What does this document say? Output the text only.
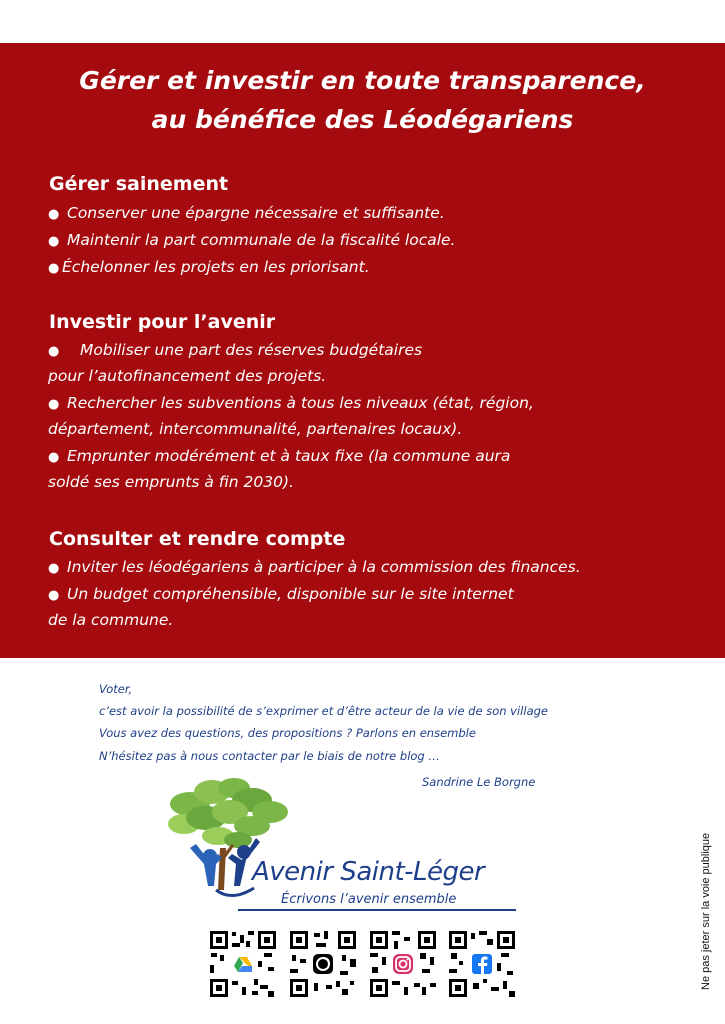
Gérer et investir en toute transparence,
au bénéfice des Léodégariens

Gérer sainement
● Conserver une épargne nécessaire et suffisante.
● Maintenir la part communale de la fiscalité locale.
● Échelonner les projets en les priorisant.
Investir pour l’avenir
● Mobiliser une part des réserves budgétaires
pour l’autofinancement des projets.
● Rechercher les subventions à tous les niveaux (état, région,
département, intercommunalité, partenaires locaux).
● Emprunter modérément et à taux fixe (la commune aura
soldé ses emprunts à fin 2030).
Consulter et rendre compte
● Inviter les léodégariens à participer à la commission des finances.
● Un budget compréhensible, disponible sur le site internet
de la commune.
Voter,
c’est avoir la possibilité de s’exprimer et d’être acteur de la vie de son village
Vous avez des questions, des propositions ? Parlons en ensemble
N’hésitez pas à nous contacter par le biais de notre blog …
Sandrine Le Borgne
Avenir Saint-Léger
Écrivons l’avenir ensemble	Ne pas jeter sur la voie publique
